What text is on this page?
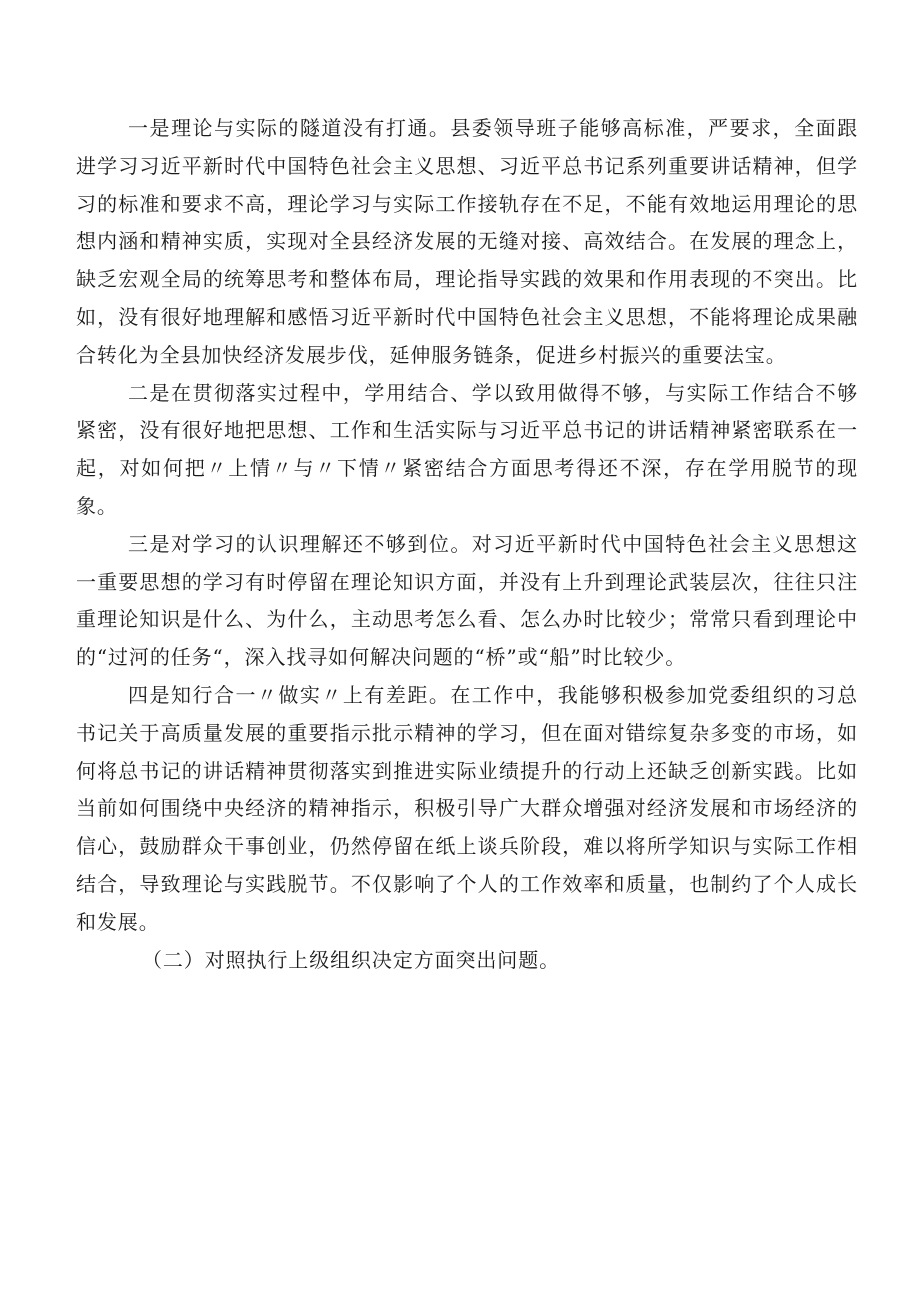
一是理论与实际的隧道没有打通。县委领导班子能够高标准，严要求，全面跟进学习习近平新时代中国特色社会主义思想、习近平总书记系列重要讲话精神，但学习的标准和要求不高，理论学习与实际工作接轨存在不足，不能有效地运用理论的思想内涵和精神实质，实现对全县经济发展的无缝对接、高效结合。在发展的理念上，缺乏宏观全局的统筹思考和整体布局，理论指导实践的效果和作用表现的不突出。比如，没有很好地理解和感悟习近平新时代中国特色社会主义思想，不能将理论成果融合转化为全县加快经济发展步伐，延伸服务链条，促进乡村振兴的重要法宝。

二是在贯彻落实过程中，学用结合、学以致用做得不够，与实际工作结合不够紧密，没有很好地把思想、工作和生活实际与习近平总书记的讲话精神紧密联系在一起，对如何把〃上情〃与〃下情〃紧密结合方面思考得还不深，存在学用脱节的现象。

三是对学习的认识理解还不够到位。对习近平新时代中国特色社会主义思想这一重要思想的学习有时停留在理论知识方面，并没有上升到理论武装层次，往往只注重理论知识是什么、为什么，主动思考怎么看、怎么办时比较少；常常只看到理论中的“过河的任务“，深入找寻如何解决问题的“桥”或“船”时比较少。

四是知行合一〃做实〃上有差距。在工作中，我能够积极参加党委组织的习总书记关于高质量发展的重要指示批示精神的学习，但在面对错综复杂多变的市场，如何将总书记的讲话精神贯彻落实到推进实际业绩提升的行动上还缺乏创新实践。比如当前如何围绕中央经济的精神指示，积极引导广大群众增强对经济发展和市场经济的信心，鼓励群众干事创业，仍然停留在纸上谈兵阶段，难以将所学知识与实际工作相结合，导致理论与实践脱节。不仅影响了个人的工作效率和质量，也制约了个人成长和发展。

（二）对照执行上级组织决定方面突出问题。
